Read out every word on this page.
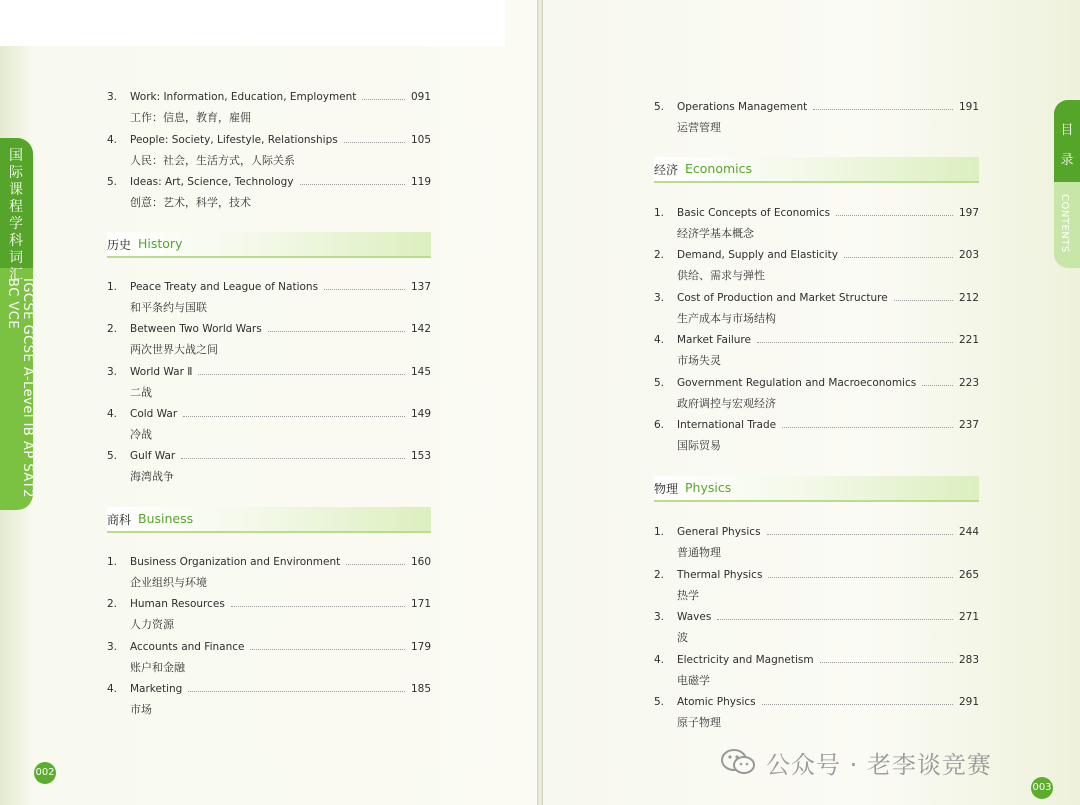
国际课程学科词汇
IGCSE GCSE A-Level IB AP SAT2 BC VCE
目
录
CONTENTS
3. Work: Information, Education, Employment	091
工作：信息，教育，雇佣
4. People: Society, Lifestyle, Relationships	105
人民：社会，生活方式，人际关系
5. Ideas: Art, Science, Technology	119
创意：艺术，科学，技术
历史 History
1. Peace Treaty and League of Nations	137
和平条约与国联
2. Between Two World Wars	142
两次世界大战之间
3. World War Ⅱ	145
二战
4. Cold War	149
冷战
5. Gulf War	153
海湾战争
商科 Business
1. Business Organization and Environment	160
企业组织与环境
2. Human Resources	171
人力资源
3. Accounts and Finance	179
账户和金融
4. Marketing	185
市场
002
5. Operations Management	191
运营管理
经济 Economics
1. Basic Concepts of Economics	197
经济学基本概念
2. Demand, Supply and Elasticity	203
供给、需求与弹性
3. Cost of Production and Market Structure	212
生产成本与市场结构
4. Market Failure	221
市场失灵
5. Government Regulation and Macroeconomics	223
政府调控与宏观经济
6. International Trade	237
国际贸易
物理 Physics
1. General Physics	244
普通物理
2. Thermal Physics	265
热学
3. Waves	271
波
4. Electricity and Magnetism	283
电磁学
5. Atomic Physics	291
原子物理
003
公众号 · 老李谈竞赛
